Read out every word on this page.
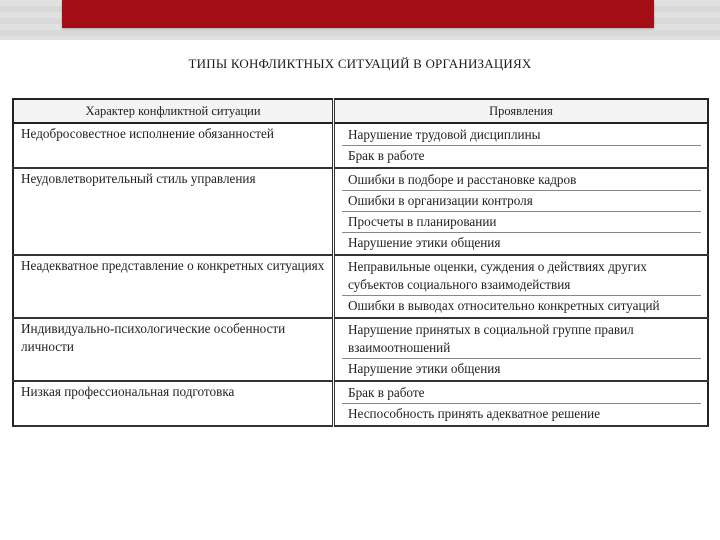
ТИПЫ КОНФЛИКТНЫХ СИТУАЦИЙ В ОРГАНИЗАЦИЯХ
Характер конфликтной ситуации	Проявления
Недобросовестное исполнение обязанностей	Нарушение трудовой дисциплины
Брак в работе

Неудовлетворительный стиль управления	Ошибки в подборе и расстановке кадров
Ошибки в организации контроля
Просчеты в планировании
Нарушение этики общения

Неадекватное представление о конкретных ситуациях	Неправильные оценки, суждения о действиях других субъектов социального взаимодействия
Ошибки в выводах относительно конкретных ситуаций

Индивидуально-психологические особенности личности	Нарушение принятых в социальной группе правил взаимоотношений
Нарушение этики общения

Низкая профессиональная подготовка	Брак в работе
Неспособность принять адекватное решение
